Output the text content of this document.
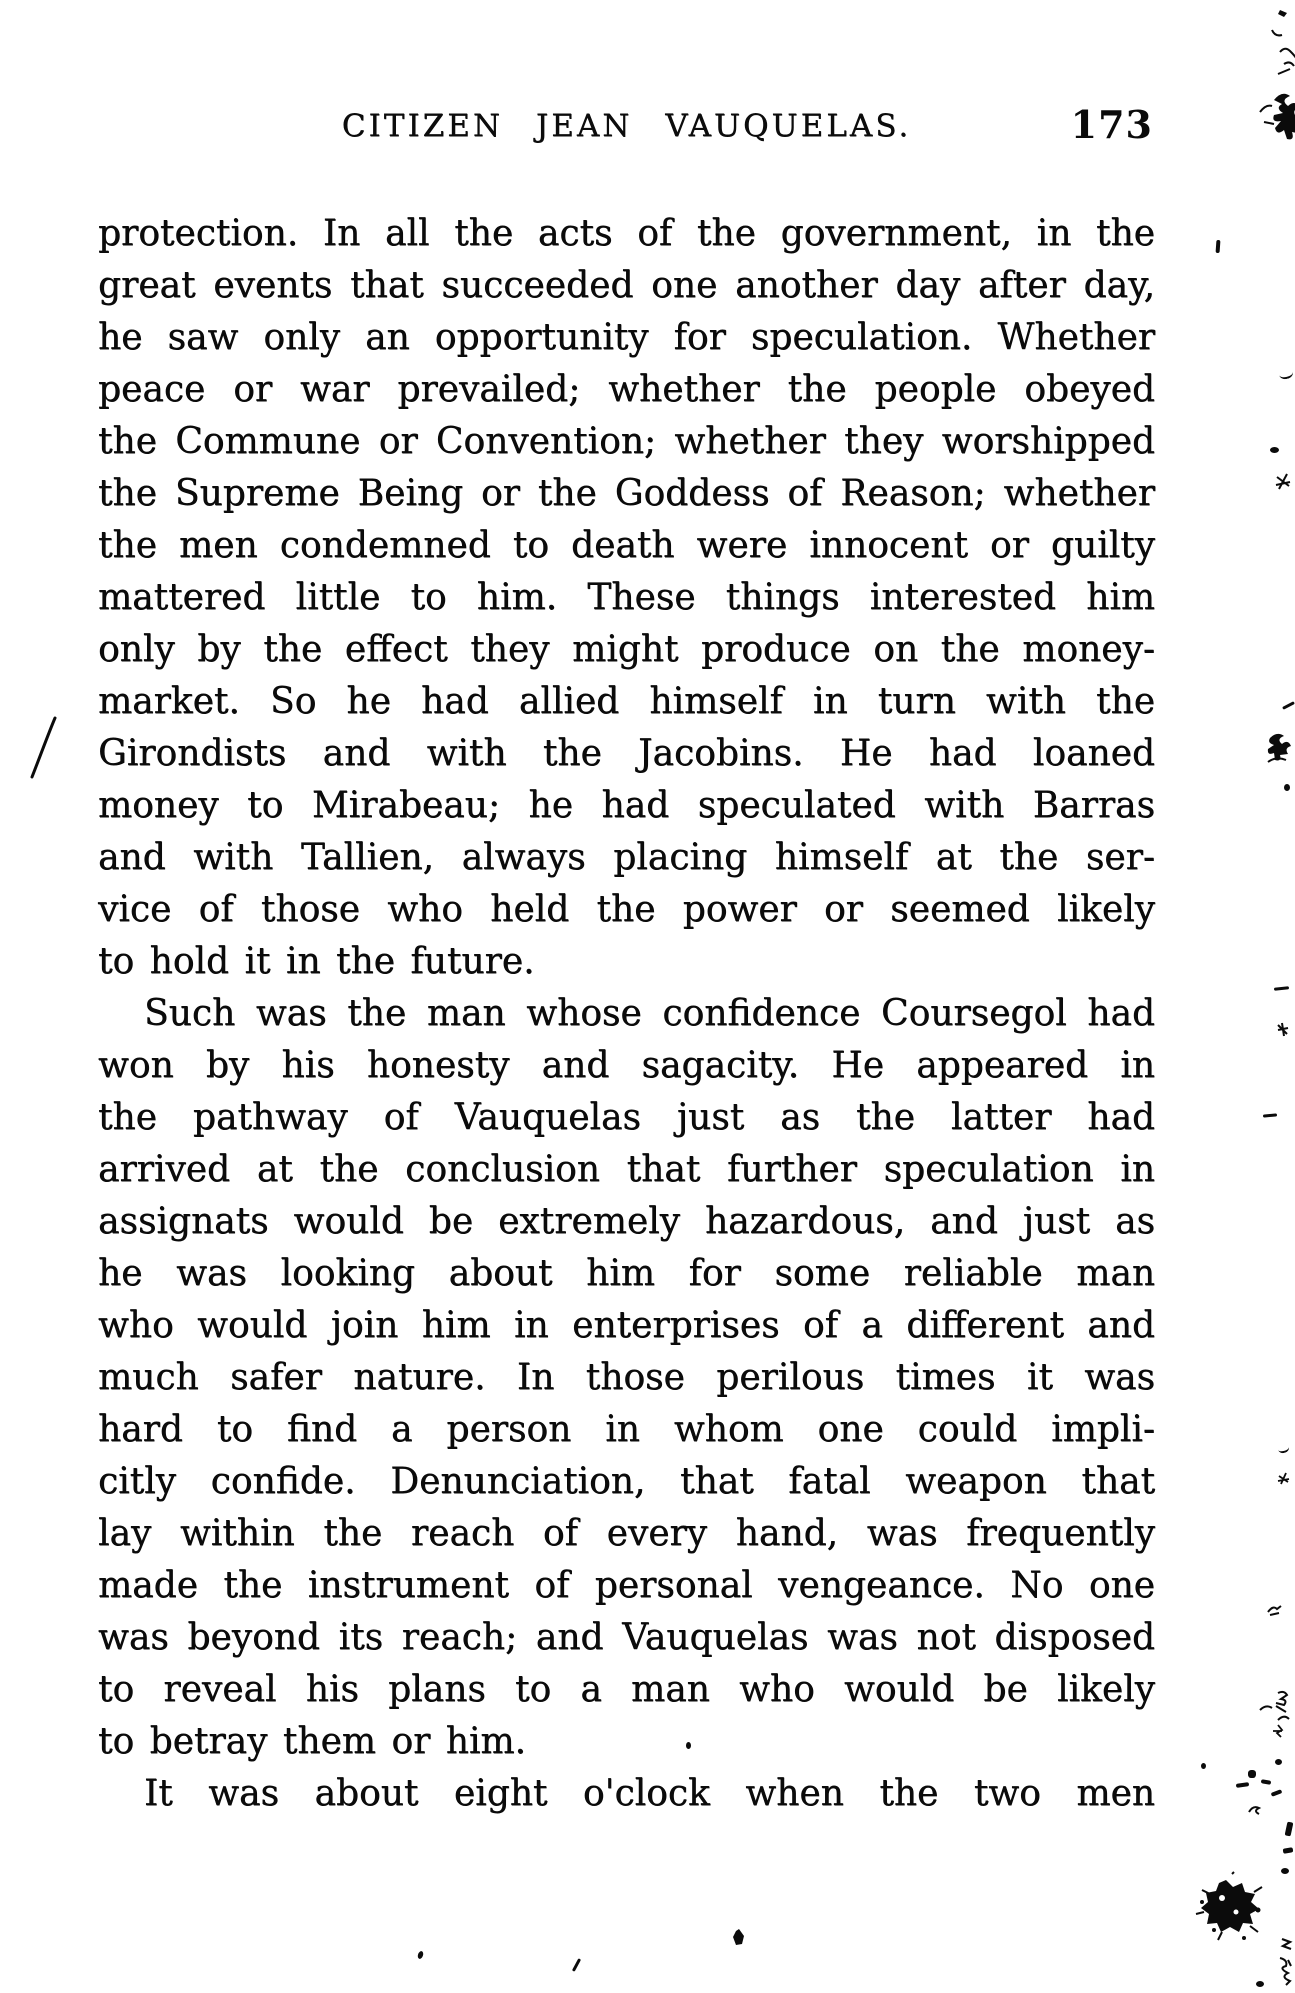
CITIZEN JEAN VAUQUELAS.	173
protection. In all the acts of the government, in the
great events that succeeded one another day after day,
he saw only an opportunity for speculation. Whether
peace or war prevailed; whether the people obeyed
the Commune or Convention; whether they worshipped
the Supreme Being or the Goddess of Reason; whether
the men condemned to death were innocent or guilty
mattered little to him. These things interested him
only by the effect they might produce on the money-
market. So he had allied himself in turn with the
Girondists and with the Jacobins. He had loaned
money to Mirabeau; he had speculated with Barras
and with Tallien, always placing himself at the ser-
vice of those who held the power or seemed likely
to hold it in the future.
Such was the man whose confidence Coursegol had
won by his honesty and sagacity. He appeared in
the pathway of Vauquelas just as the latter had
arrived at the conclusion that further speculation in
assignats would be extremely hazardous, and just as
he was looking about him for some reliable man
who would join him in enterprises of a different and
much safer nature. In those perilous times it was
hard to find a person in whom one could impli-
citly confide. Denunciation, that fatal weapon that
lay within the reach of every hand, was frequently
made the instrument of personal vengeance. No one
was beyond its reach; and Vauquelas was not disposed
to reveal his plans to a man who would be likely
to betray them or him.
It was about eight o'clock when the two men
